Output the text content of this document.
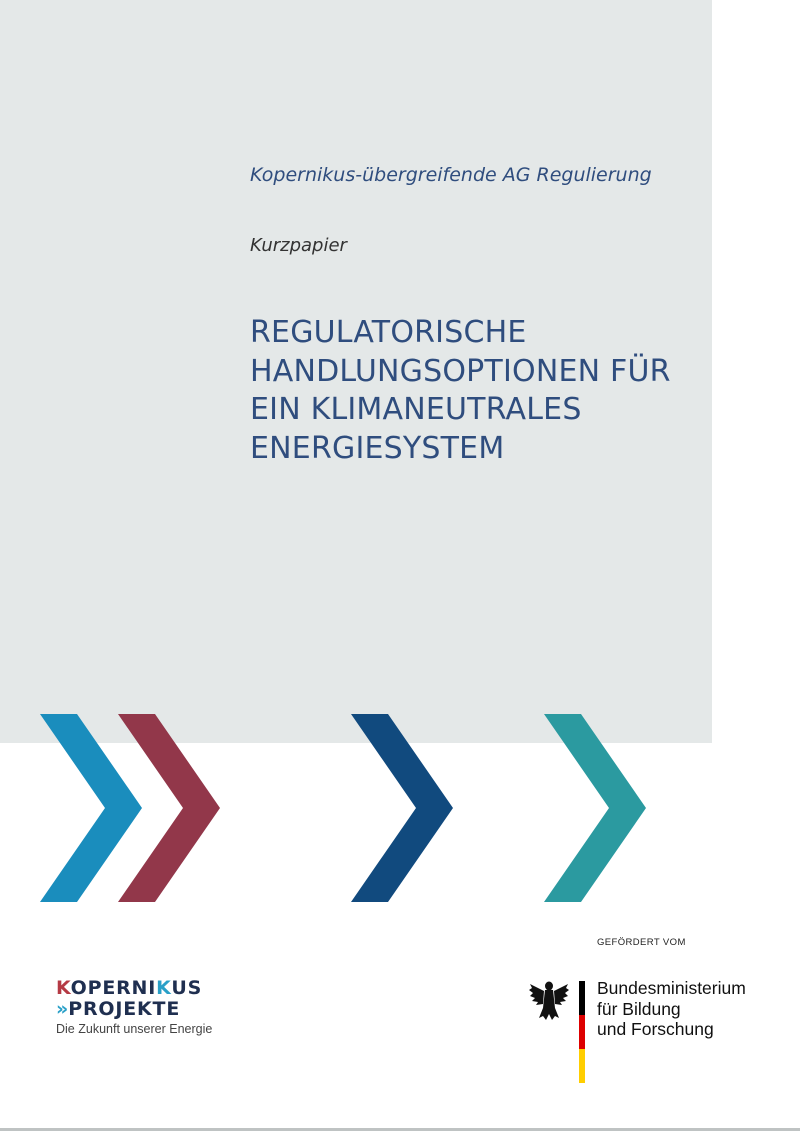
Kopernikus-übergreifende AG Regulierung
Kurzpapier
REGULATORISCHE
HANDLUNGSOPTIONEN FÜR
EIN KLIMANEUTRALES
ENERGIESYSTEM
KOPERNIKUS
» PROJEKTE
Die Zukunft unserer Energie
GEFÖRDERT VOM
Bundesministerium
für Bildung
und Forschung
